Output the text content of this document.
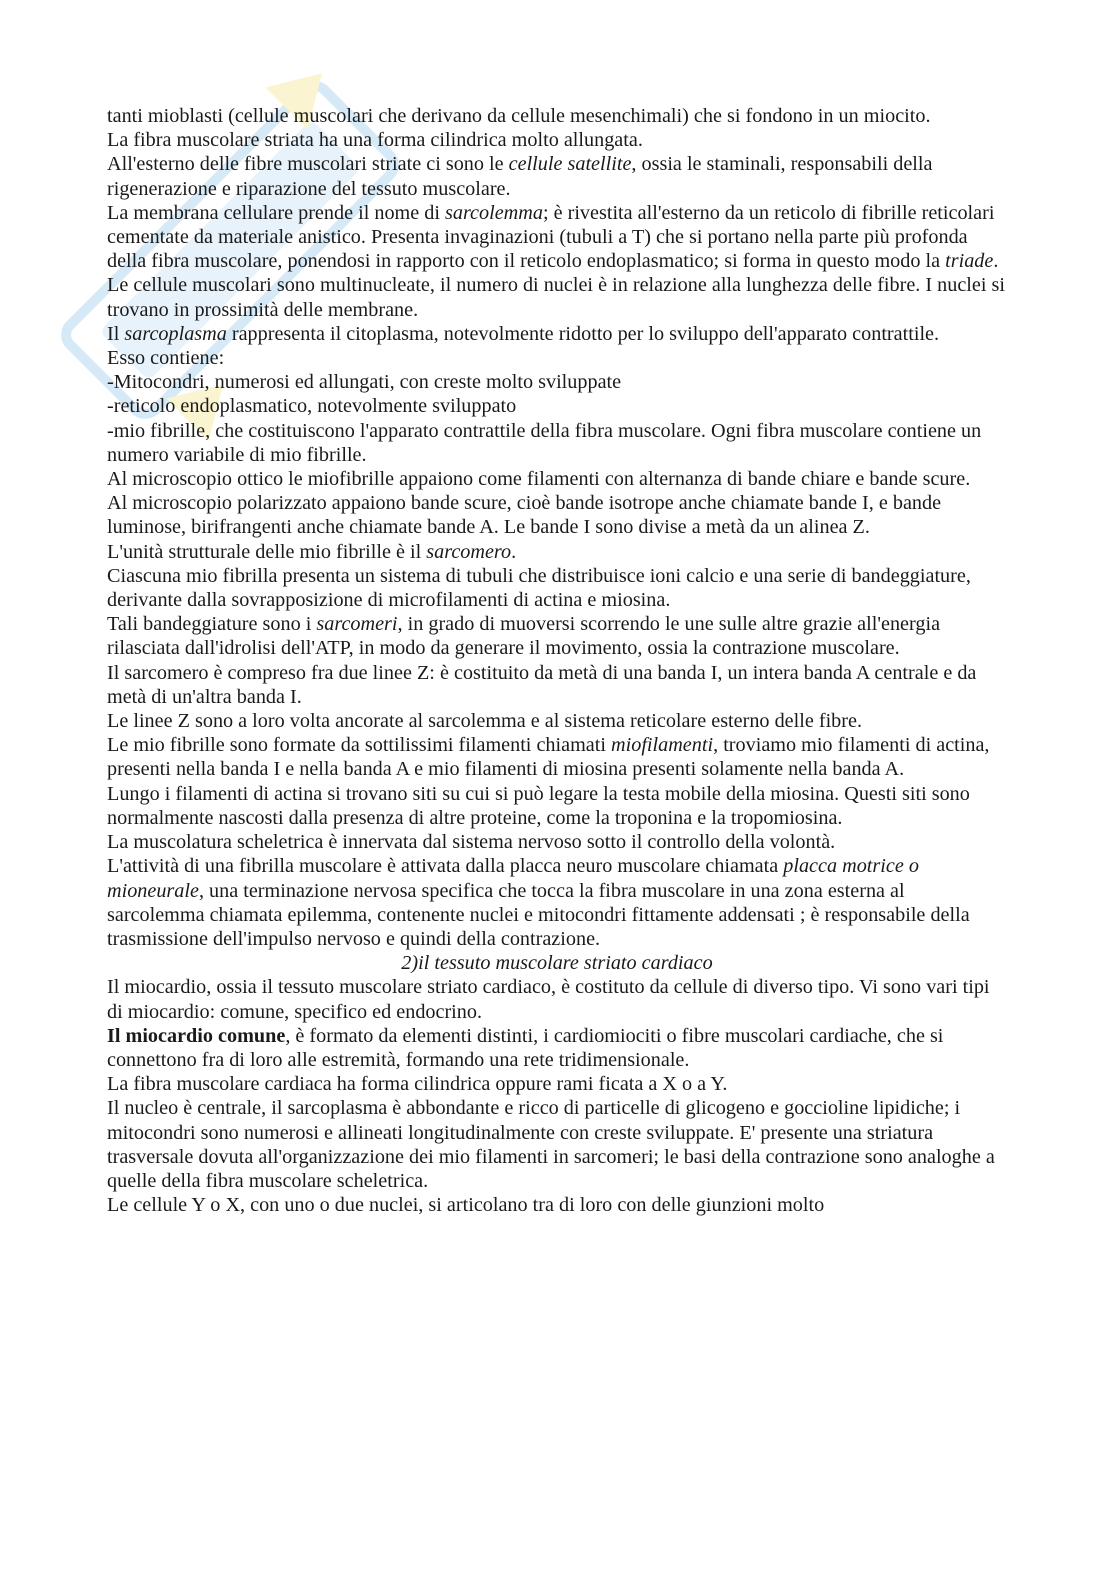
tanti mioblasti (cellule muscolari che derivano da cellule mesenchimali) che si fondono in un miocito.

La fibra muscolare striata ha una forma cilindrica molto allungata.

All'esterno delle fibre muscolari striate ci sono le cellule satellite, ossia le staminali, responsabili della rigenerazione e riparazione del tessuto muscolare.

La membrana cellulare prende il nome di sarcolemma; è rivestita all'esterno da un reticolo di fibrille reticolari cementate da materiale anistico. Presenta invaginazioni (tubuli a T) che si portano nella parte più profonda della fibra muscolare, ponendosi in rapporto con il reticolo endoplasmatico; si forma in questo modo la triade.

Le cellule muscolari sono multinucleate, il numero di nuclei è in relazione alla lunghezza delle fibre. I nuclei si trovano in prossimità delle membrane.

Il sarcoplasma rappresenta il citoplasma, notevolmente ridotto per lo sviluppo dell'apparato contrattile.

Esso contiene:

-Mitocondri, numerosi ed allungati, con creste molto sviluppate

-reticolo endoplasmatico, notevolmente sviluppato

-mio fibrille, che costituiscono l'apparato contrattile della fibra muscolare. Ogni fibra muscolare contiene un numero variabile di mio fibrille.

Al microscopio ottico le miofibrille appaiono come filamenti con alternanza di bande chiare e bande scure.

Al microscopio polarizzato appaiono bande scure, cioè bande isotrope anche chiamate bande I, e bande luminose, birifrangenti anche chiamate bande A. Le bande I sono divise a metà da un alinea Z.

L'unità strutturale delle mio fibrille è il sarcomero.

Ciascuna mio fibrilla presenta un sistema di tubuli che distribuisce ioni calcio e una serie di bandeggiature, derivante dalla sovrapposizione di microfilamenti di actina e miosina.

Tali bandeggiature sono i sarcomeri, in grado di muoversi scorrendo le une sulle altre grazie all'energia rilasciata dall'idrolisi dell'ATP, in modo da generare il movimento, ossia la contrazione muscolare.

Il sarcomero è compreso fra due linee Z: è costituito da metà di una banda I, un intera banda A centrale e da metà di un'altra banda I.

Le linee Z sono a loro volta ancorate al sarcolemma e al sistema reticolare esterno delle fibre.

Le mio fibrille sono formate da sottilissimi filamenti chiamati miofilamenti, troviamo mio filamenti di actina, presenti nella banda I e nella banda A e mio filamenti di miosina presenti solamente nella banda A.

Lungo i filamenti di actina si trovano siti su cui si può legare la testa mobile della miosina. Questi siti sono normalmente nascosti dalla presenza di altre proteine, come la troponina e la tropomiosina.

La muscolatura scheletrica è innervata dal sistema nervoso sotto il controllo della volontà.

L'attività di una fibrilla muscolare è attivata dalla placca neuro muscolare chiamata placca motrice o mioneurale, una terminazione nervosa specifica che tocca la fibra muscolare in una zona esterna al sarcolemma chiamata epilemma, contenente nuclei e mitocondri fittamente addensati ; è responsabile della trasmissione dell'impulso nervoso e quindi della contrazione.

2)il tessuto muscolare striato cardiaco

Il miocardio, ossia il tessuto muscolare striato cardiaco, è costituto da cellule di diverso tipo. Vi sono vari tipi di miocardio: comune, specifico ed endocrino.

Il miocardio comune, è formato da elementi distinti, i cardiomiociti o fibre muscolari cardiache, che si connettono fra di loro alle estremità, formando una rete tridimensionale.

La fibra muscolare cardiaca ha forma cilindrica oppure rami ficata a X o a Y.

Il nucleo è centrale, il sarcoplasma è abbondante e ricco di particelle di glicogeno e goccioline lipidiche; i mitocondri sono numerosi e allineati longitudinalmente con creste sviluppate. E' presente una striatura trasversale dovuta all'organizzazione dei mio filamenti in sarcomeri; le basi della contrazione sono analoghe a quelle della fibra muscolare scheletrica.

Le cellule Y o X, con uno o due nuclei, si articolano tra di loro con delle giunzioni molto
